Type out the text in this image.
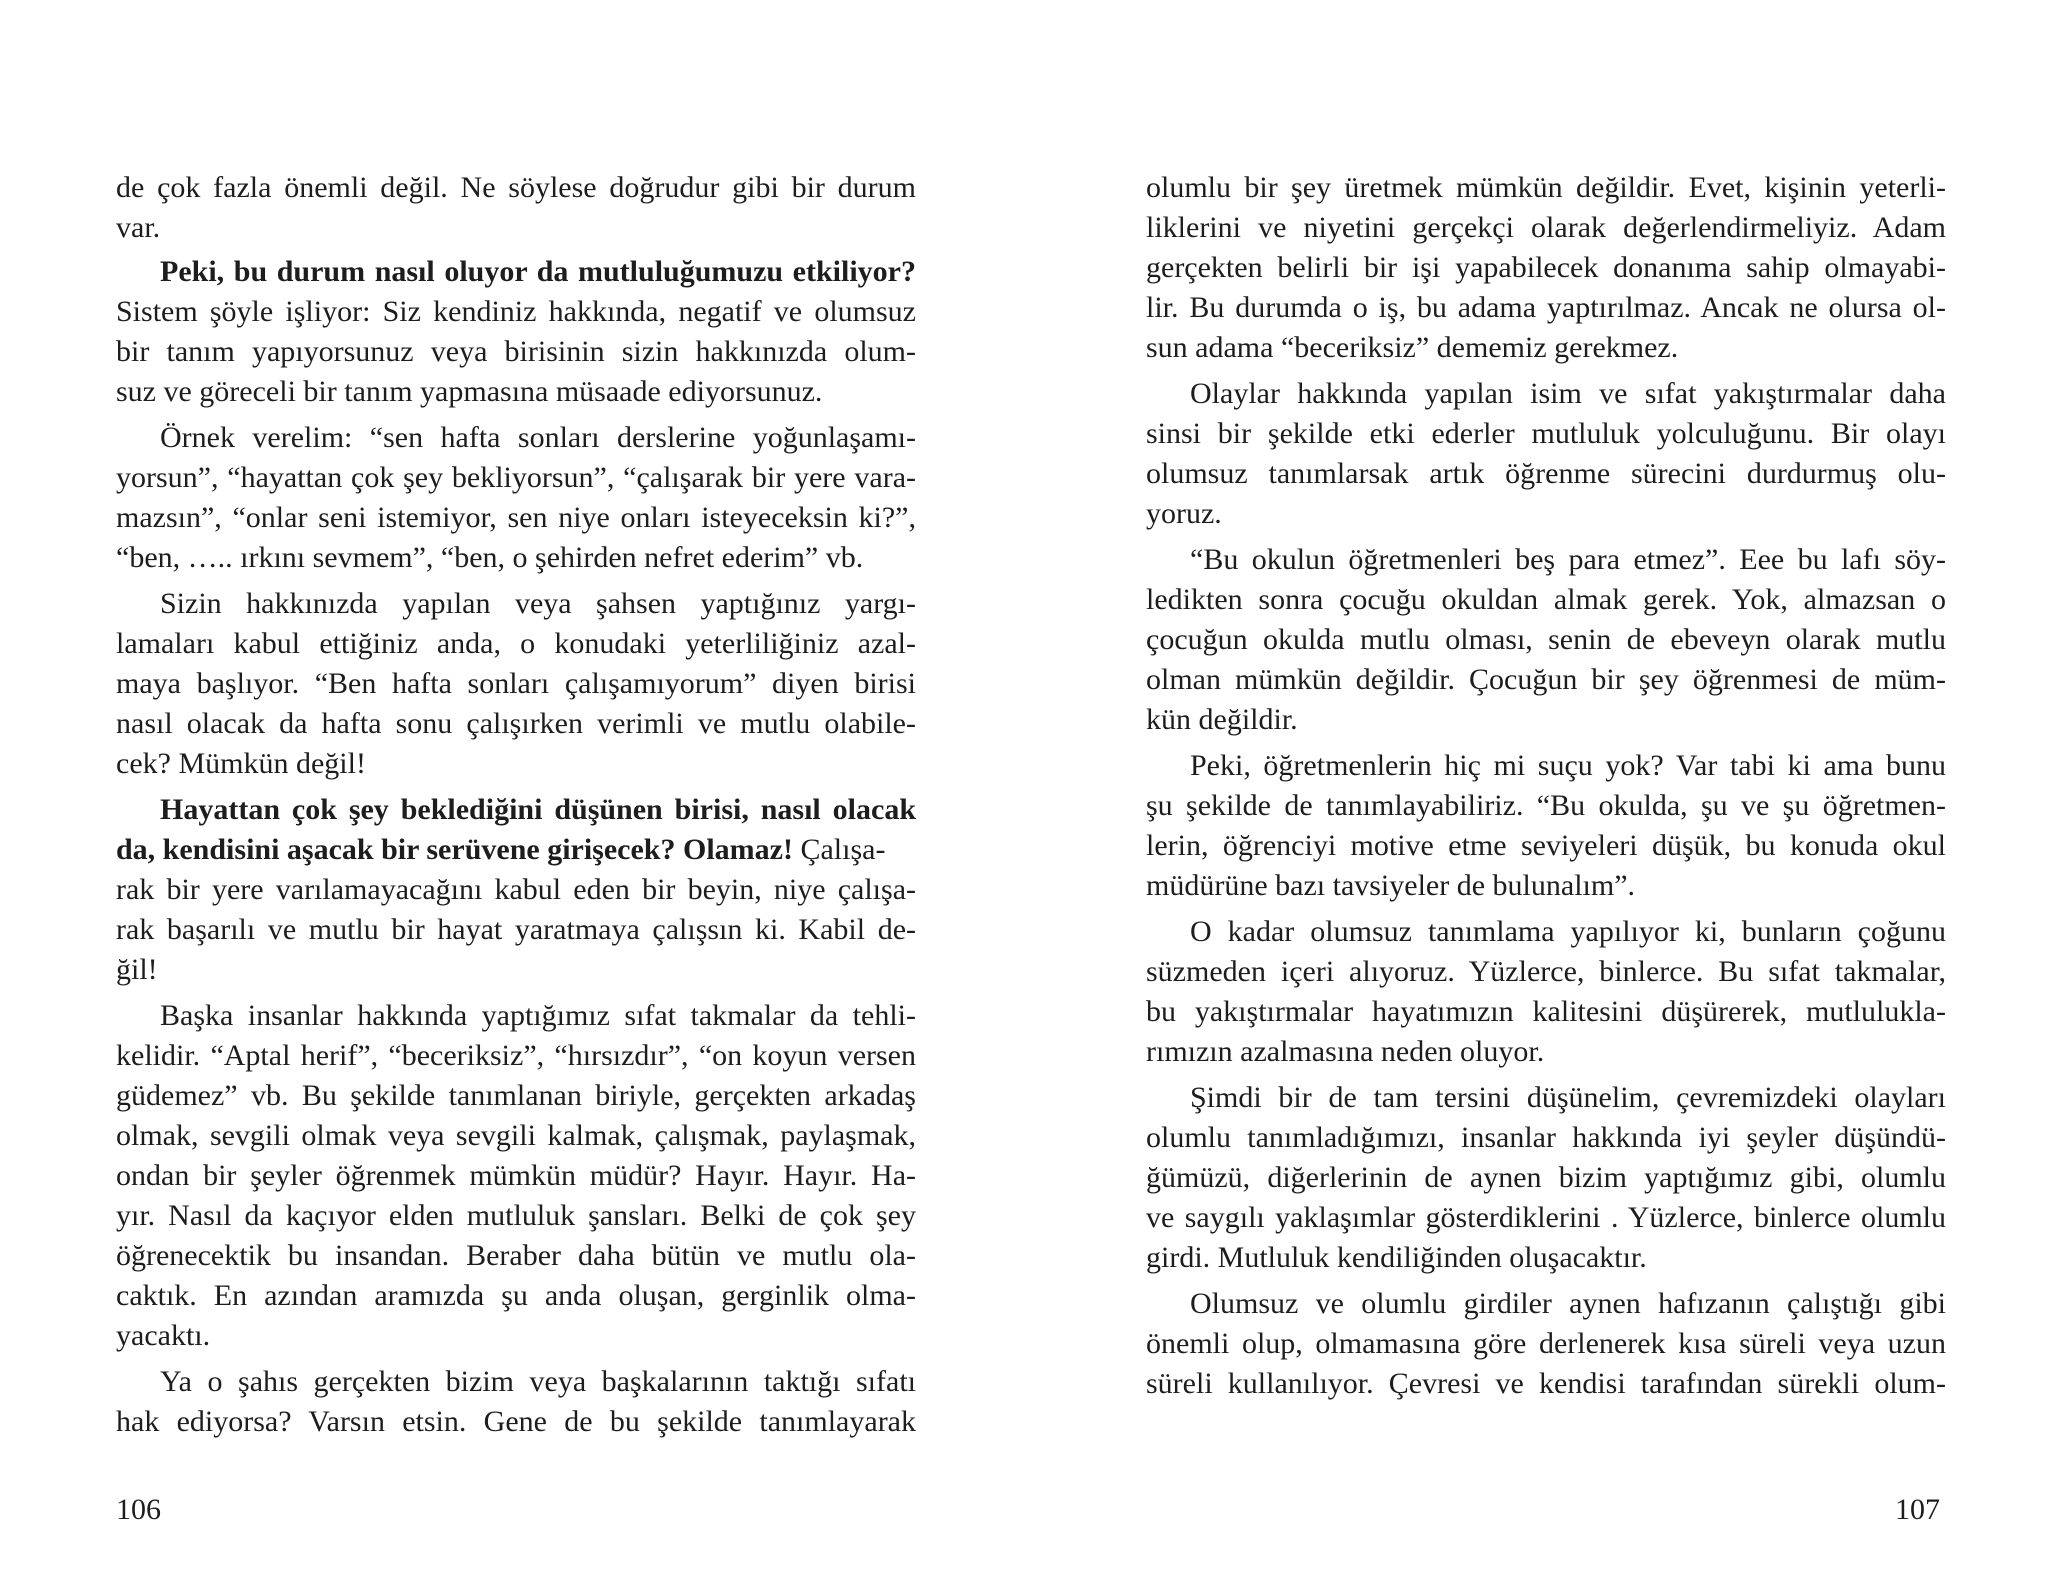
de çok fazla önemli değil. Ne söylese doğrudur gibi bir durum
var.
Peki, bu durum nasıl oluyor da mutluluğumuzu etkiliyor?
Sistem şöyle işliyor: Siz kendiniz hakkında, negatif ve olumsuz
bir tanım yapıyorsunuz veya birisinin sizin hakkınızda olum-
suz ve göreceli bir tanım yapmasına müsaade ediyorsunuz.
Örnek verelim: “sen hafta sonları derslerine yoğunlaşamı-
yorsun”, “hayattan çok şey bekliyorsun”, “çalışarak bir yere vara-
mazsın”, “onlar seni istemiyor, sen niye onları isteyeceksin ki?”,
“ben, ….. ırkını sevmem”, “ben, o şehirden nefret ederim” vb.
Sizin hakkınızda yapılan veya şahsen yaptığınız yargı-
lamaları kabul ettiğiniz anda, o konudaki yeterliliğiniz azal-
maya başlıyor. “Ben hafta sonları çalışamıyorum” diyen birisi
nasıl olacak da hafta sonu çalışırken verimli ve mutlu olabile-
cek? Mümkün değil!
Hayattan çok şey beklediğini düşünen birisi, nasıl olacak
da, kendisini aşacak bir serüvene girişecek? Olamaz! Çalışa-
rak bir yere varılamayacağını kabul eden bir beyin, niye çalışa-
rak başarılı ve mutlu bir hayat yaratmaya çalışsın ki. Kabil de-
ğil!
Başka insanlar hakkında yaptığımız sıfat takmalar da tehli-
kelidir. “Aptal herif”, “beceriksiz”, “hırsızdır”, “on koyun versen
güdemez” vb. Bu şekilde tanımlanan biriyle, gerçekten arkadaş
olmak, sevgili olmak veya sevgili kalmak, çalışmak, paylaşmak,
ondan bir şeyler öğrenmek mümkün müdür? Hayır. Hayır. Ha-
yır. Nasıl da kaçıyor elden mutluluk şansları. Belki de çok şey
öğrenecektik bu insandan. Beraber daha bütün ve mutlu ola-
caktık. En azından aramızda şu anda oluşan, gerginlik olma-
yacaktı.
Ya o şahıs gerçekten bizim veya başkalarının taktığı sıfatı
hak ediyorsa? Varsın etsin. Gene de bu şekilde tanımlayarak
olumlu bir şey üretmek mümkün değildir. Evet, kişinin yeterli-
liklerini ve niyetini gerçekçi olarak değerlendirmeliyiz. Adam
gerçekten belirli bir işi yapabilecek donanıma sahip olmayabi-
lir. Bu durumda o iş, bu adama yaptırılmaz. Ancak ne olursa ol-
sun adama “beceriksiz” dememiz gerekmez.
Olaylar hakkında yapılan isim ve sıfat yakıştırmalar daha
sinsi bir şekilde etki ederler mutluluk yolculuğunu. Bir olayı
olumsuz tanımlarsak artık öğrenme sürecini durdurmuş olu-
yoruz.
“Bu okulun öğretmenleri beş para etmez”. Eee bu lafı söy-
ledikten sonra çocuğu okuldan almak gerek. Yok, almazsan o
çocuğun okulda mutlu olması, senin de ebeveyn olarak mutlu
olman mümkün değildir. Çocuğun bir şey öğrenmesi de müm-
kün değildir.
Peki, öğretmenlerin hiç mi suçu yok? Var tabi ki ama bunu
şu şekilde de tanımlayabiliriz. “Bu okulda, şu ve şu öğretmen-
lerin, öğrenciyi motive etme seviyeleri düşük, bu konuda okul
müdürüne bazı tavsiyeler de bulunalım”.
O kadar olumsuz tanımlama yapılıyor ki, bunların çoğunu
süzmeden içeri alıyoruz. Yüzlerce, binlerce. Bu sıfat takmalar,
bu yakıştırmalar hayatımızın kalitesini düşürerek, mutlulukla-
rımızın azalmasına neden oluyor.
Şimdi bir de tam tersini düşünelim, çevremizdeki olayları
olumlu tanımladığımızı, insanlar hakkında iyi şeyler düşündü-
ğümüzü, diğerlerinin de aynen bizim yaptığımız gibi, olumlu
ve saygılı yaklaşımlar gösterdiklerini . Yüzlerce, binlerce olumlu
girdi. Mutluluk kendiliğinden oluşacaktır.
Olumsuz ve olumlu girdiler aynen hafızanın çalıştığı gibi
önemli olup, olmamasına göre derlenerek kısa süreli veya uzun
süreli kullanılıyor. Çevresi ve kendisi tarafından sürekli olum-
106	107
